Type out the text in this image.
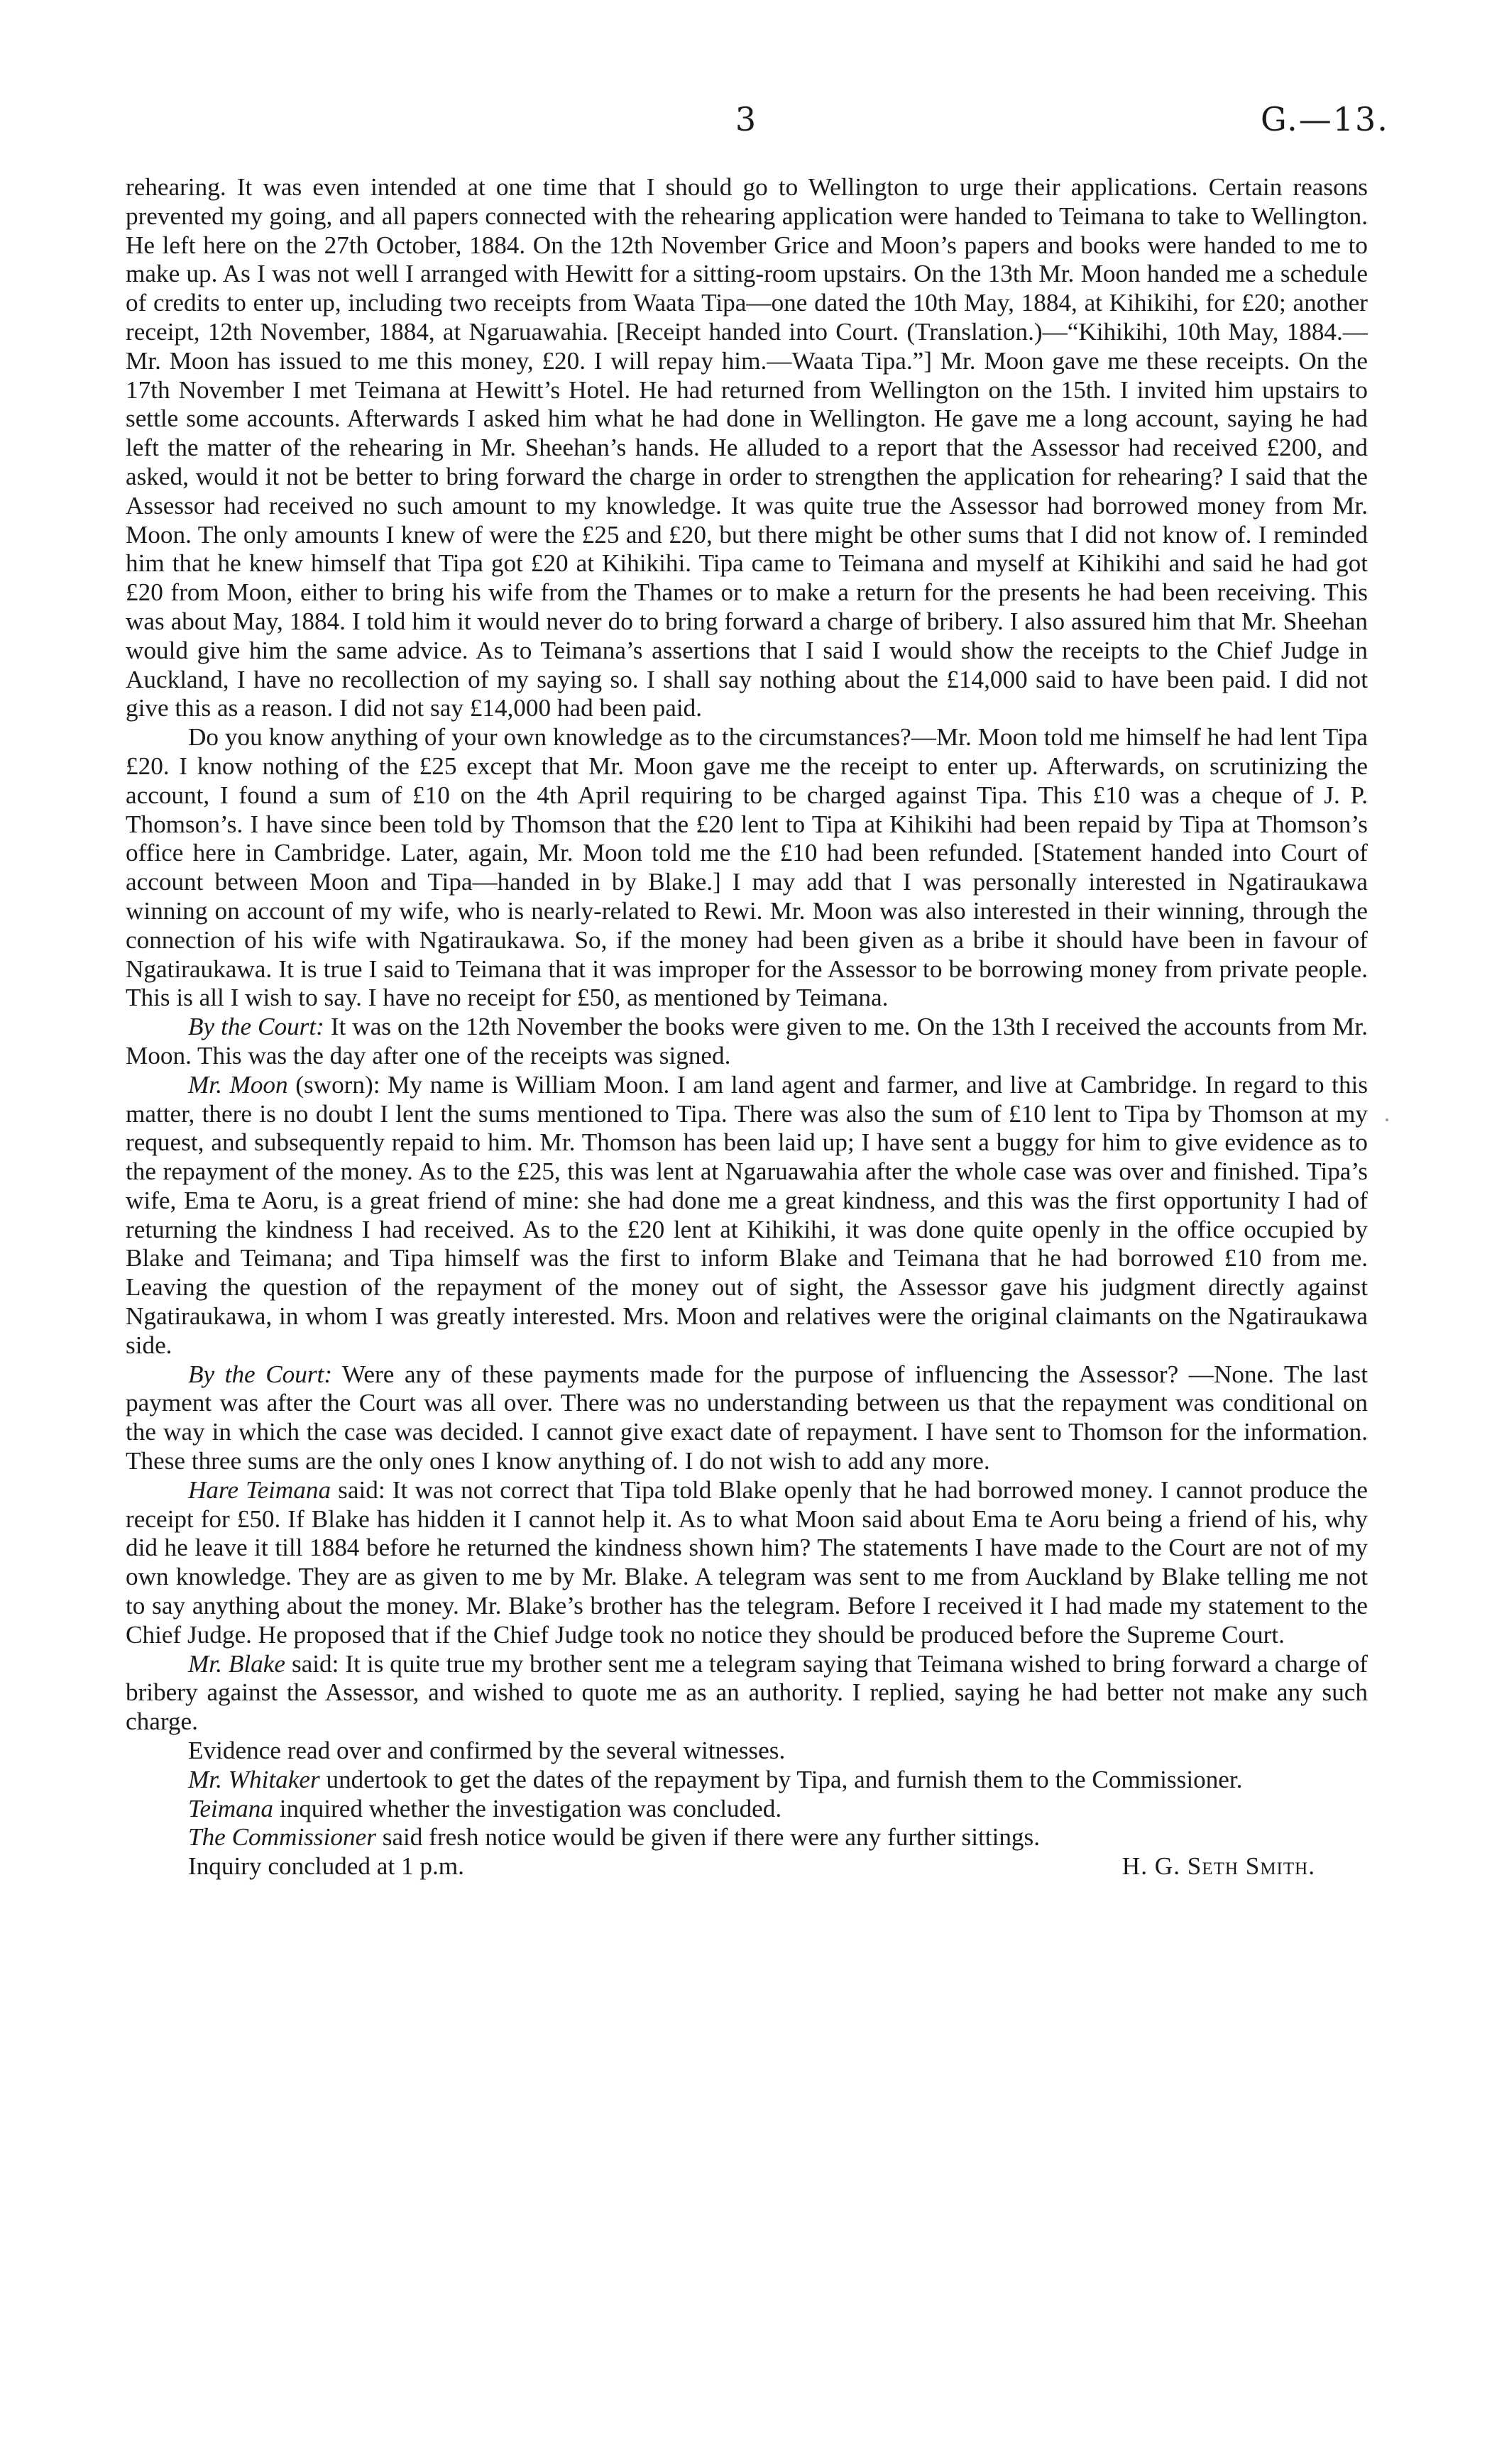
3	G.—13.

rehearing. It was even intended at one time that I should go to Wellington to urge their applications. Certain reasons prevented my going, and all papers connected with the rehearing application were handed to Teimana to take to Wellington. He left here on the 27th October, 1884. On the 12th November Grice and Moon’s papers and books were handed to me to make up. As I was not well I arranged with Hewitt for a sitting-room upstairs. On the 13th Mr. Moon handed me a schedule of credits to enter up, including two receipts from Waata Tipa—one dated the 10th May, 1884, at Kihikihi, for £20; another receipt, 12th November, 1884, at Ngaruawahia. [Receipt handed into Court. (Translation.)—“Kihikihi, 10th May, 1884.—Mr. Moon has issued to me this money, £20. I will repay him.—Waata Tipa.”] Mr. Moon gave me these receipts. On the 17th November I met Teimana at Hewitt’s Hotel. He had returned from Wellington on the 15th. I invited him upstairs to settle some accounts. Afterwards I asked him what he had done in Wellington. He gave me a long account, saying he had left the matter of the rehearing in Mr. Sheehan’s hands. He alluded to a report that the Assessor had received £200, and asked, would it not be better to bring forward the charge in order to strengthen the application for rehearing? I said that the Assessor had received no such amount to my knowledge. It was quite true the Assessor had borrowed money from Mr. Moon. The only amounts I knew of were the £25 and £20, but there might be other sums that I did not know of. I reminded him that he knew himself that Tipa got £20 at Kihikihi. Tipa came to Teimana and myself at Kihikihi and said he had got £20 from Moon, either to bring his wife from the Thames or to make a return for the presents he had been receiving. This was about May, 1884. I told him it would never do to bring forward a charge of bribery. I also assured him that Mr. Sheehan would give him the same advice. As to Teimana’s assertions that I said I would show the receipts to the Chief Judge in Auckland, I have no recollection of my saying so. I shall say nothing about the £14,000 said to have been paid. I did not give this as a reason. I did not say £14,000 had been paid.

Do you know anything of your own knowledge as to the circumstances?—Mr. Moon told me himself he had lent Tipa £20. I know nothing of the £25 except that Mr. Moon gave me the receipt to enter up. Afterwards, on scrutinizing the account, I found a sum of £10 on the 4th April requiring to be charged against Tipa. This £10 was a cheque of J. P. Thomson’s. I have since been told by Thomson that the £20 lent to Tipa at Kihikihi had been repaid by Tipa at Thomson’s office here in Cambridge. Later, again, Mr. Moon told me the £10 had been refunded. [Statement handed into Court of account between Moon and Tipa—handed in by Blake.] I may add that I was personally interested in Ngatiraukawa winning on account of my wife, who is nearly-related to Rewi. Mr. Moon was also interested in their winning, through the connection of his wife with Ngatiraukawa. So, if the money had been given as a bribe it should have been in favour of Ngatiraukawa. It is true I said to Teimana that it was improper for the Assessor to be borrowing money from private people. This is all I wish to say. I have no receipt for £50, as mentioned by Teimana.

By the Court: It was on the 12th November the books were given to me. On the 13th I received the accounts from Mr. Moon. This was the day after one of the receipts was signed.

Mr. Moon (sworn): My name is William Moon. I am land agent and farmer, and live at Cambridge. In regard to this matter, there is no doubt I lent the sums mentioned to Tipa. There was also the sum of £10 lent to Tipa by Thomson at my request, and subsequently repaid to him. Mr. Thomson has been laid up; I have sent a buggy for him to give evidence as to the repayment of the money. As to the £25, this was lent at Ngaruawahia after the whole case was over and finished. Tipa’s wife, Ema te Aoru, is a great friend of mine: she had done me a great kindness, and this was the first opportunity I had of returning the kindness I had received. As to the £20 lent at Kihikihi, it was done quite openly in the office occupied by Blake and Teimana; and Tipa himself was the first to inform Blake and Teimana that he had borrowed £10 from me. Leaving the question of the repayment of the money out of sight, the Assessor gave his judgment directly against Ngatiraukawa, in whom I was greatly interested. Mrs. Moon and relatives were the original claimants on the Ngatiraukawa side.

By the Court: Were any of these payments made for the purpose of influencing the Assessor? —None. The last payment was after the Court was all over. There was no understanding between us that the repayment was conditional on the way in which the case was decided. I cannot give exact date of repayment. I have sent to Thomson for the information. These three sums are the only ones I know anything of. I do not wish to add any more.

Hare Teimana said: It was not correct that Tipa told Blake openly that he had borrowed money. I cannot produce the receipt for £50. If Blake has hidden it I cannot help it. As to what Moon said about Ema te Aoru being a friend of his, why did he leave it till 1884 before he returned the kindness shown him? The statements I have made to the Court are not of my own knowledge. They are as given to me by Mr. Blake. A telegram was sent to me from Auckland by Blake telling me not to say anything about the money. Mr. Blake’s brother has the telegram. Before I received it I had made my statement to the Chief Judge. He proposed that if the Chief Judge took no notice they should be produced before the Supreme Court.

Mr. Blake said: It is quite true my brother sent me a telegram saying that Teimana wished to bring forward a charge of bribery against the Assessor, and wished to quote me as an authority. I replied, saying he had better not make any such charge.

Evidence read over and confirmed by the several witnesses.

Mr. Whitaker undertook to get the dates of the repayment by Tipa, and furnish them to the Commissioner.

Teimana inquired whether the investigation was concluded.

The Commissioner said fresh notice would be given if there were any further sittings.

Inquiry concluded at 1 p.m.	H. G. Seth Smith.
